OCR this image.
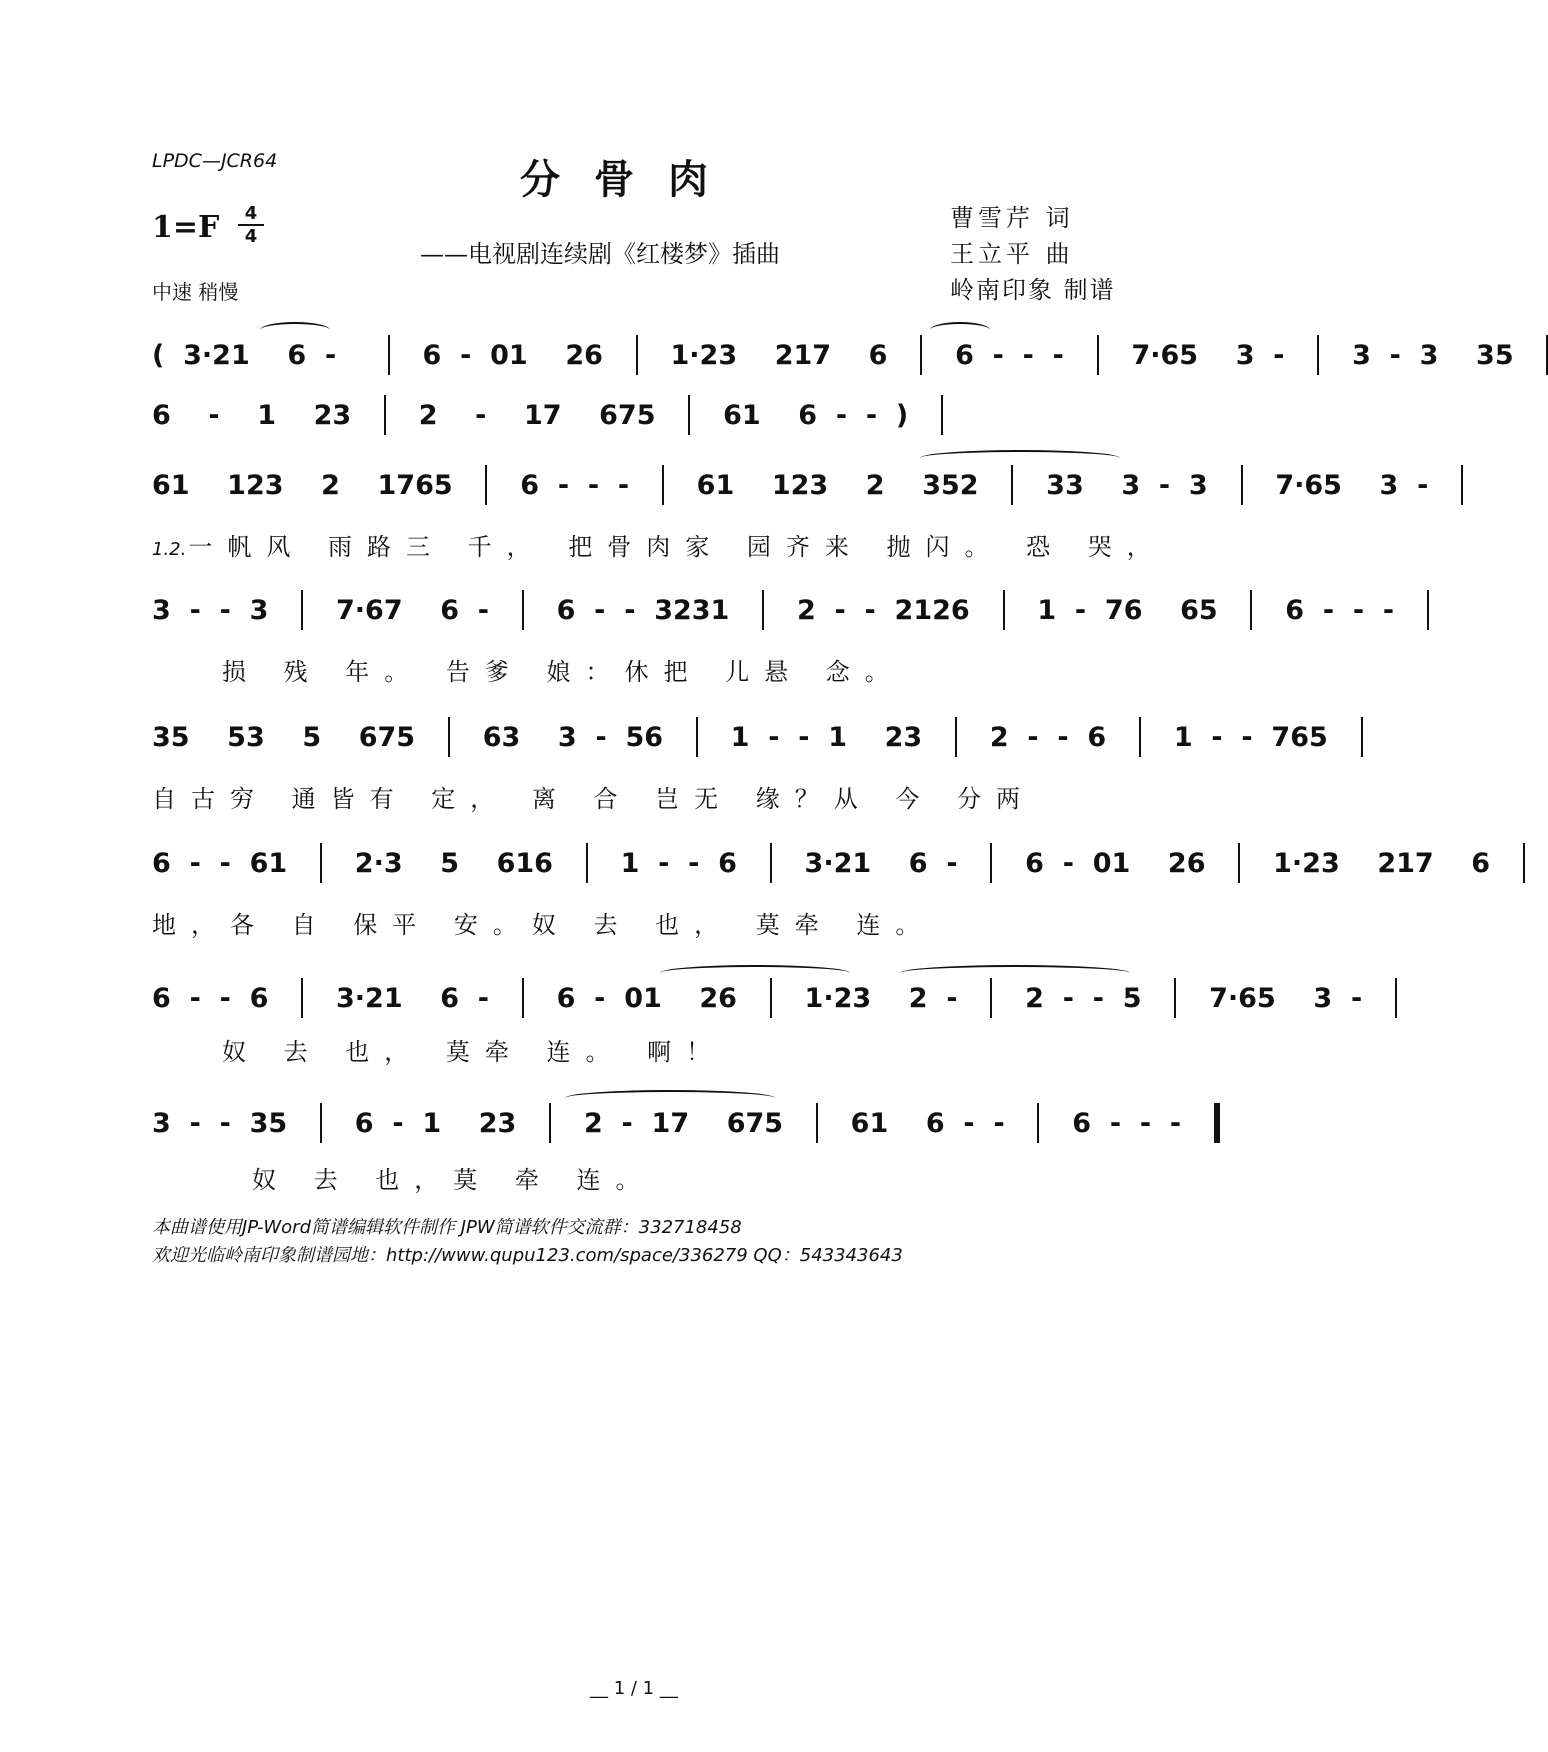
LPDC—JCR64	分骨肉
1=F	4
4
——电视剧连续剧《红楼梦》插曲
曹雪芹 词
王立平 曲
岭南印象 制谱
中速 稍慢
(  3·21    6  - 6  -  01    26 1·23    217    6 6  -  -  - 7·65    3  - 3  -  3    35
6    -    1    23 2    -    17    675 61    6  -  -  )
61    123    2    1765 6  -  -  - 61    123    2    352 33    3  -  3 7·65    3  -
1.2.一帆风 雨路三 千， 把骨肉家 园齐来 抛闪。 恐 哭，
3  -  -  3 7·67    6  - 6  -  -  3231 2  -  -  2126 1  -  76    65 6  -  -  -
损 残 年。 告爹 娘：休把 儿悬 念。
35    53    5    675 63    3  -  56 1  -  -  1    23 2  -  -  6 1  -  -  765
自古穷 通皆有 定， 离 合 岂无 缘？从 今 分两
6  -  -  61 2·3    5    616 1  -  -  6 3·21    6  - 6  -  01    26 1·23    217    6
地，各 自 保平 安。奴 去 也， 莫牵 连。
6  -  -  6 3·21    6  - 6  -  01    26 1·23    2  - 2  -  -  5 7·65    3  -
奴 去 也， 莫牵 连。 啊！
3  -  -  35 6  -  1    23 2  -  17    675 61    6  -  - 6  -  -  -
奴 去 也，莫 牵 连。
本曲谱使用JP-Word简谱编辑软件制作 JPW简谱软件交流群：332718458
欢迎光临岭南印象制谱园地：http://www.qupu123.com/space/336279 QQ：543343643
__ 1 / 1 __
